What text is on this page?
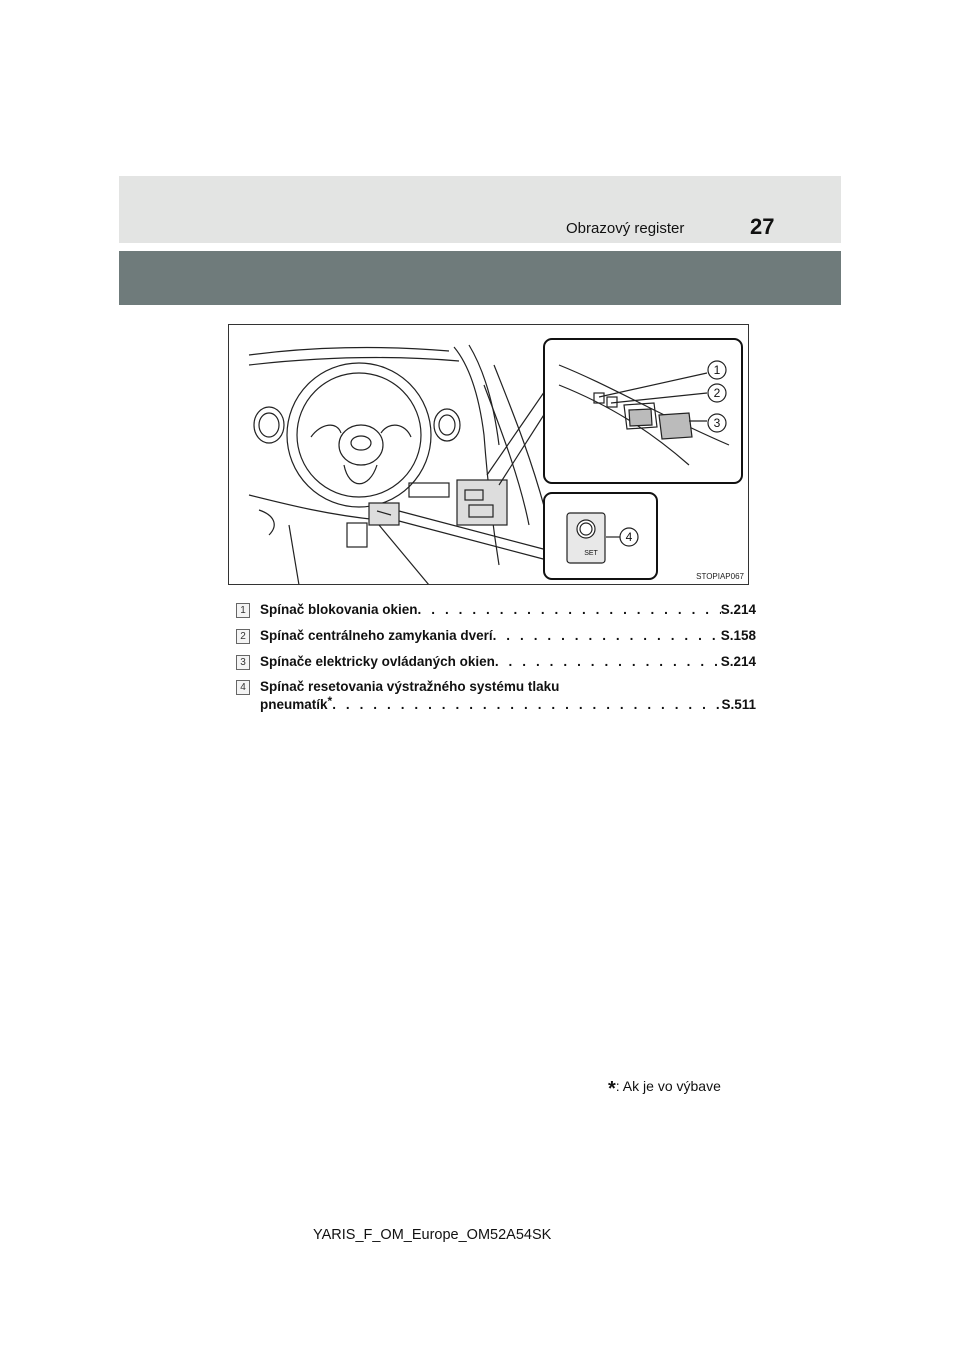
Obrazový register	27
1
2
3
4
SET
STOPIAP067
1	Spínač blokovania okien . . .	S.214
2	Spínač centrálneho zamykania dverí . . .	S.158
3	Spínače elektricky ovládaných okien . . .	S.214
4	Spínač resetovania výstražného systému tlaku
pneumatík* . . .	S.511
*: Ak je vo výbave
YARIS_F_OM_Europe_OM52A54SK
